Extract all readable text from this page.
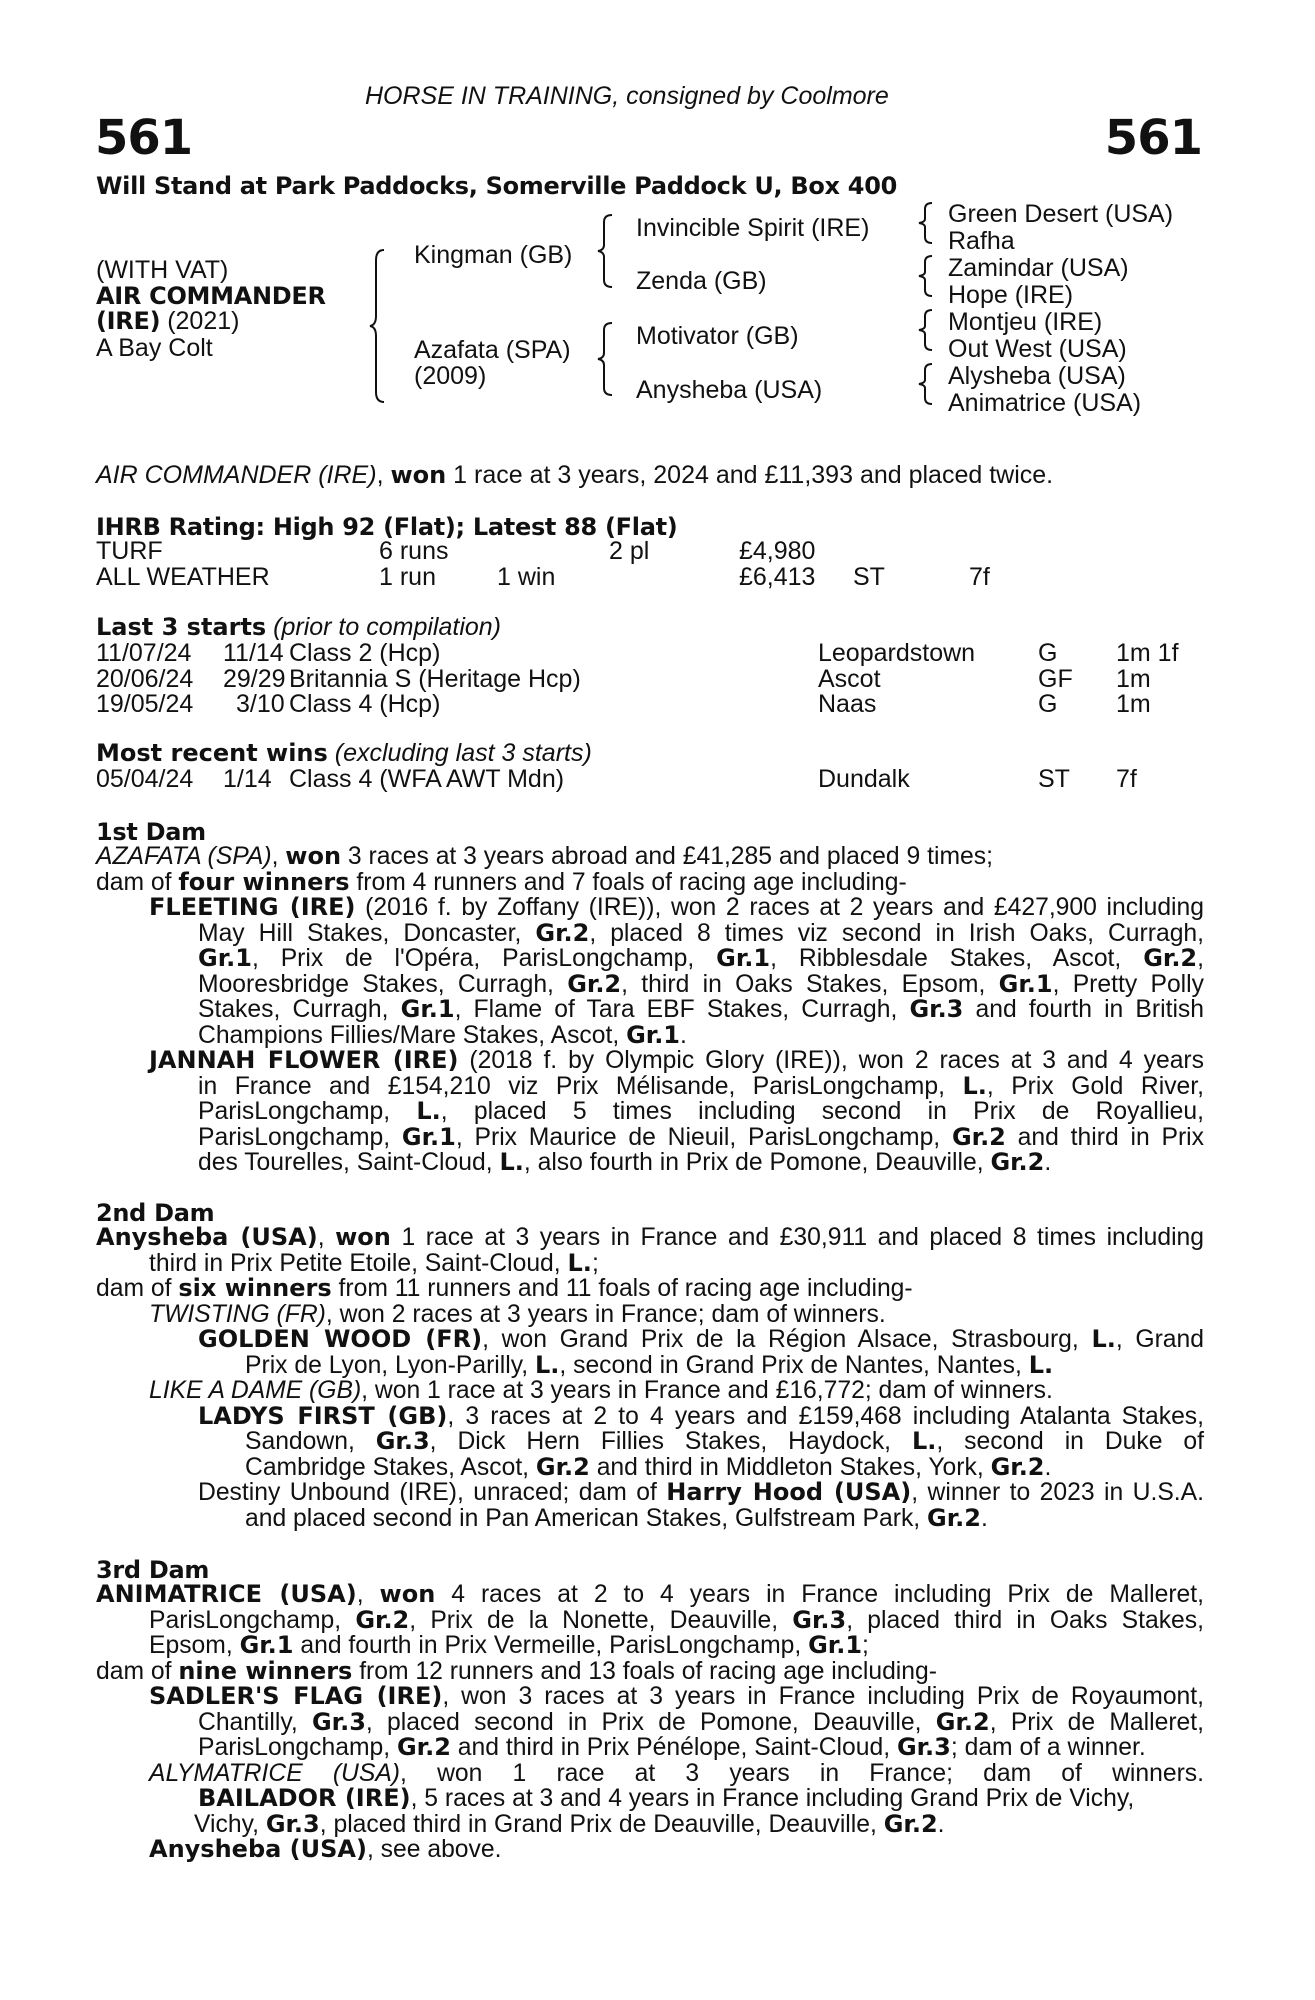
HORSE IN TRAINING, consigned by Coolmore
561	561
Will Stand at Park Paddocks, Somerville Paddock U, Box 400
(WITH VAT)
AIR COMMANDER
(IRE) (2021)
A Bay Colt
Kingman (GB)
Azafata (SPA)
(2009)
Invincible Spirit (IRE)
Zenda (GB)
Motivator (GB)
Anysheba (USA)
Green Desert (USA)
Rafha
Zamindar (USA)
Hope (IRE)
Montjeu (IRE)
Out West (USA)
Alysheba (USA)
Animatrice (USA)
AIR COMMANDER (IRE), won 1 race at 3 years, 2024 and £11,393 and placed twice.
IHRB Rating: High 92 (Flat); Latest 88 (Flat)
TURF	6 runs	2 pl	£4,980
ALL WEATHER	1 run 1 win	£6,413 ST	7f
Last 3 starts (prior to compilation)
11/07/24 11/14 Class 2 (Hcp)	Leopardstown	G 1m 1f
20/06/24 29/29 Britannia S (Heritage Hcp)	Ascot	GF 1m
19/05/24 3/10 Class 4 (Hcp)	Naas	G 1m
Most recent wins (excluding last 3 starts)
05/04/24 1/14 Class 4 (WFA AWT Mdn)	Dundalk	ST 7f
1st Dam
AZAFATA (SPA), won 3 races at 3 years abroad and £41,285 and placed 9 times;
dam of four winners from 4 runners and 7 foals of racing age including-
FLEETING (IRE) (2016 f. by Zoffany (IRE)), won 2 races at 2 years and £427,900 including
May Hill Stakes, Doncaster, Gr.2, placed 8 times viz second in Irish Oaks, Curragh,
Gr.1, Prix de l'Opéra, ParisLongchamp, Gr.1, Ribblesdale Stakes, Ascot, Gr.2,
Mooresbridge Stakes, Curragh, Gr.2, third in Oaks Stakes, Epsom, Gr.1, Pretty Polly
Stakes, Curragh, Gr.1, Flame of Tara EBF Stakes, Curragh, Gr.3 and fourth in British
Champions Fillies/Mare Stakes, Ascot, Gr.1.
JANNAH FLOWER (IRE) (2018 f. by Olympic Glory (IRE)), won 2 races at 3 and 4 years
in France and £154,210 viz Prix Mélisande, ParisLongchamp, L., Prix Gold River,
ParisLongchamp, L., placed 5 times including second in Prix de Royallieu,
ParisLongchamp, Gr.1, Prix Maurice de Nieuil, ParisLongchamp, Gr.2 and third in Prix
des Tourelles, Saint-Cloud, L., also fourth in Prix de Pomone, Deauville, Gr.2.
2nd Dam
Anysheba (USA), won 1 race at 3 years in France and £30,911 and placed 8 times including
third in Prix Petite Etoile, Saint-Cloud, L.;
dam of six winners from 11 runners and 11 foals of racing age including-
TWISTING (FR), won 2 races at 3 years in France; dam of winners.
GOLDEN WOOD (FR), won Grand Prix de la Région Alsace, Strasbourg, L., Grand
Prix de Lyon, Lyon-Parilly, L., second in Grand Prix de Nantes, Nantes, L.
LIKE A DAME (GB), won 1 race at 3 years in France and £16,772; dam of winners.
LADYS FIRST (GB), 3 races at 2 to 4 years and £159,468 including Atalanta Stakes,
Sandown, Gr.3, Dick Hern Fillies Stakes, Haydock, L., second in Duke of
Cambridge Stakes, Ascot, Gr.2 and third in Middleton Stakes, York, Gr.2.
Destiny Unbound (IRE), unraced; dam of Harry Hood (USA), winner to 2023 in U.S.A.
and placed second in Pan American Stakes, Gulfstream Park, Gr.2.
3rd Dam
ANIMATRICE (USA), won 4 races at 2 to 4 years in France including Prix de Malleret,
ParisLongchamp, Gr.2, Prix de la Nonette, Deauville, Gr.3, placed third in Oaks Stakes,
Epsom, Gr.1 and fourth in Prix Vermeille, ParisLongchamp, Gr.1;
dam of nine winners from 12 runners and 13 foals of racing age including-
SADLER'S FLAG (IRE), won 3 races at 3 years in France including Prix de Royaumont,
Chantilly, Gr.3, placed second in Prix de Pomone, Deauville, Gr.2, Prix de Malleret,
ParisLongchamp, Gr.2 and third in Prix Pénélope, Saint-Cloud, Gr.3; dam of a winner.
ALYMATRICE (USA), won 1 race at 3 years in France; dam of winners.
BAILADOR (IRE), 5 races at 3 and 4 years in France including Grand Prix de Vichy,
Vichy, Gr.3, placed third in Grand Prix de Deauville, Deauville, Gr.2.
Anysheba (USA), see above.
